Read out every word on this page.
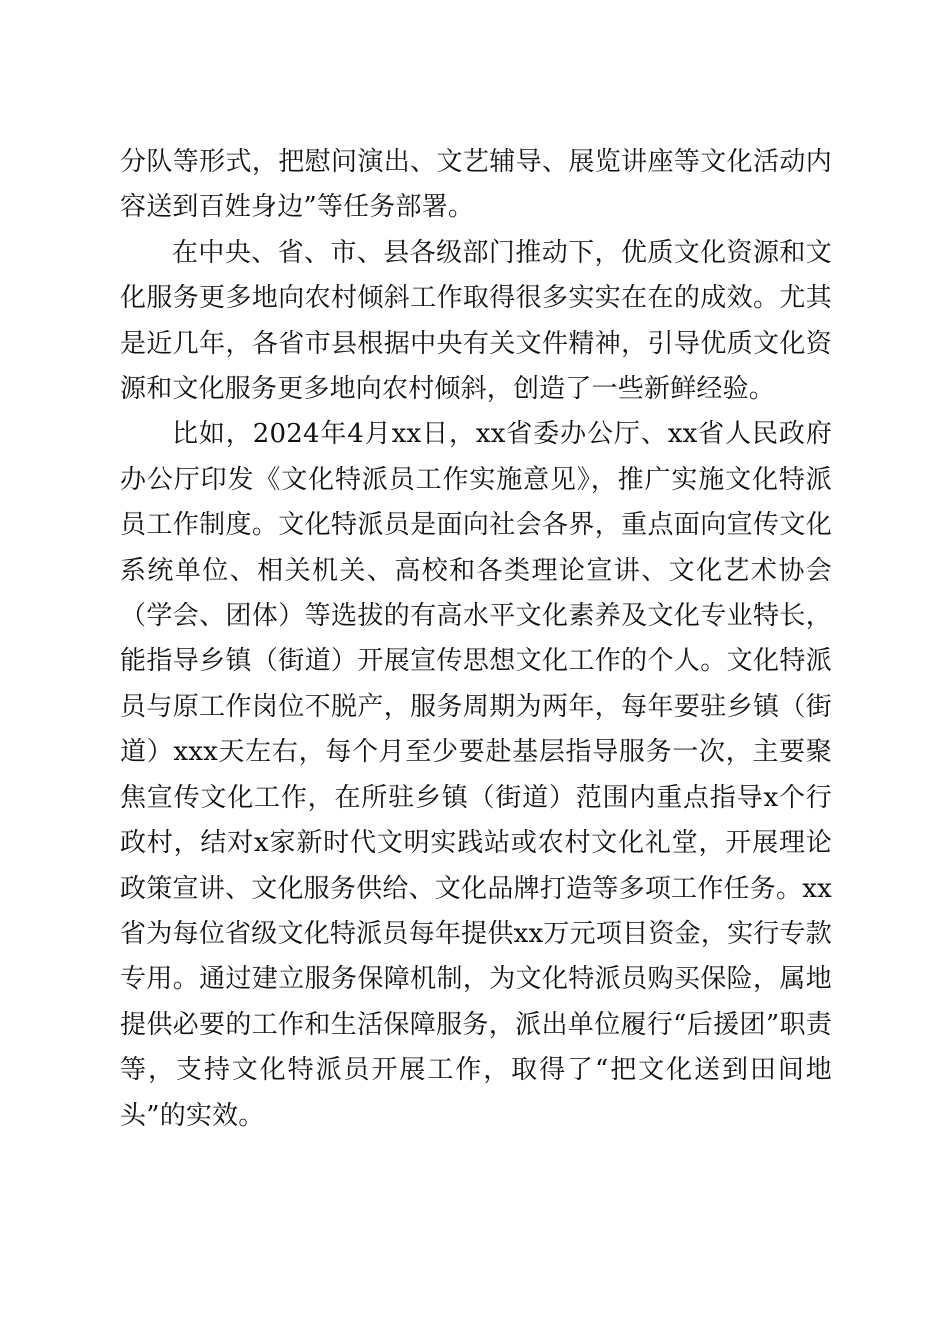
分队等形式，把慰问演出、文艺辅导、展览讲座等文化活动内容送到百姓身边”等任务部署。

在中央、省、市、县各级部门推动下，优质文化资源和文化服务更多地向农村倾斜工作取得很多实实在在的成效。尤其是近几年，各省市县根据中央有关文件精神，引导优质文化资源和文化服务更多地向农村倾斜，创造了一些新鲜经验。

比如，2024年4月xx日，xx省委办公厅、xx省人民政府办公厅印发《文化特派员工作实施意见》，推广实施文化特派员工作制度。文化特派员是面向社会各界，重点面向宣传文化系统单位、相关机关、高校和各类理论宣讲、文化艺术协会（学会、团体）等选拔的有高水平文化素养及文化专业特长，能指导乡镇（街道）开展宣传思想文化工作的个人。文化特派员与原工作岗位不脱产，服务周期为两年，每年要驻乡镇（街道）xxx天左右，每个月至少要赴基层指导服务一次，主要聚焦宣传文化工作，在所驻乡镇（街道）范围内重点指导x个行政村，结对x家新时代文明实践站或农村文化礼堂，开展理论政策宣讲、文化服务供给、文化品牌打造等多项工作任务。xx省为每位省级文化特派员每年提供xx万元项目资金，实行专款专用。通过建立服务保障机制，为文化特派员购买保险，属地提供必要的工作和生活保障服务，派出单位履行“后援团”职责等，支持文化特派员开展工作，取得了“把文化送到田间地头”的实效。
